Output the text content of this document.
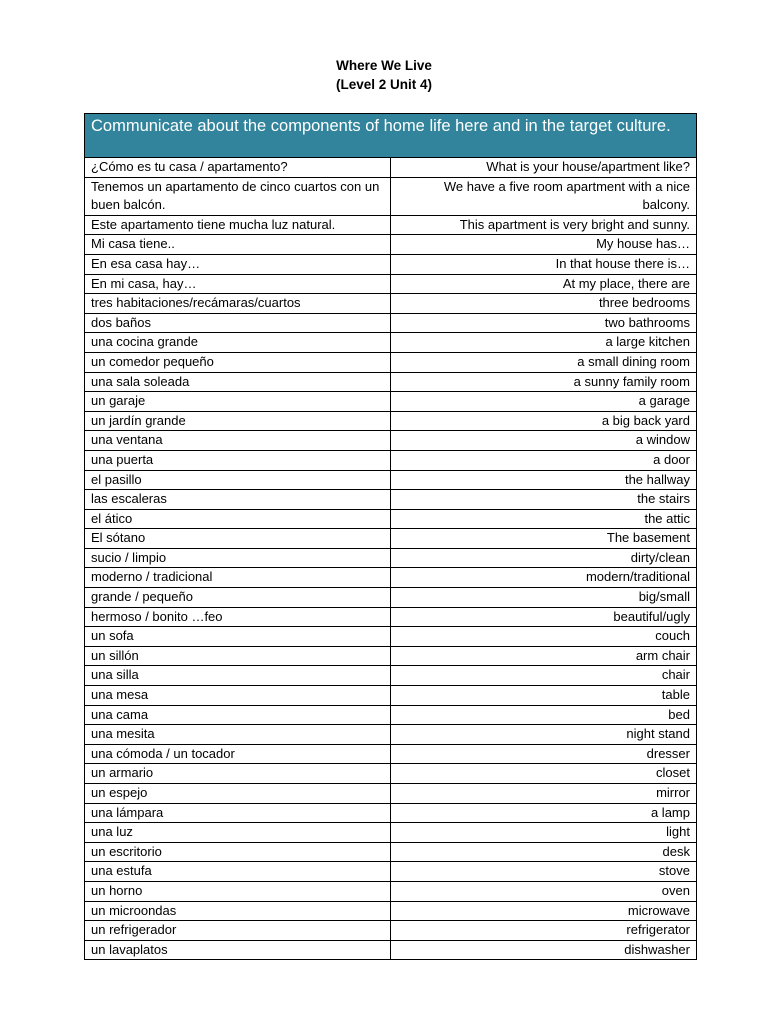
Where We Live
(Level 2 Unit 4)
Communicate about the components of home life here and in the target culture.	
¿Cómo es tu casa / apartamento?	What is your house/apartment like?
Tenemos un apartamento de cinco cuartos con un buen balcón.	We have a five room apartment with a nice balcony.
Este apartamento tiene mucha luz natural.	This apartment is very bright and sunny.
Mi casa tiene..	My house has…
En esa casa hay…	In that house there is…
En mi casa, hay…	At my place, there are
tres habitaciones/recámaras/cuartos	three bedrooms
dos baños	two bathrooms
una cocina grande	a large kitchen
un comedor pequeño	a small dining room
una sala soleada	a sunny family room
un garaje	a garage
un jardín grande	a big back yard
una ventana	a window
una puerta	a door
el pasillo	the hallway
las escaleras	the stairs
el ático	the attic
El sótano	The basement
sucio / limpio	dirty/clean
moderno / tradicional	modern/traditional
grande / pequeño	big/small
hermoso / bonito …feo	beautiful/ugly
un sofa	couch
un sillón	arm chair
una silla	chair
una mesa	table
una cama	bed
una mesita	night stand
una cómoda / un tocador	dresser
un armario	closet
un espejo	mirror
una lámpara	a lamp
una luz	light
un escritorio	desk
una estufa	stove
un horno	oven
un microondas	microwave
un refrigerador	refrigerator
un lavaplatos	dishwasher
